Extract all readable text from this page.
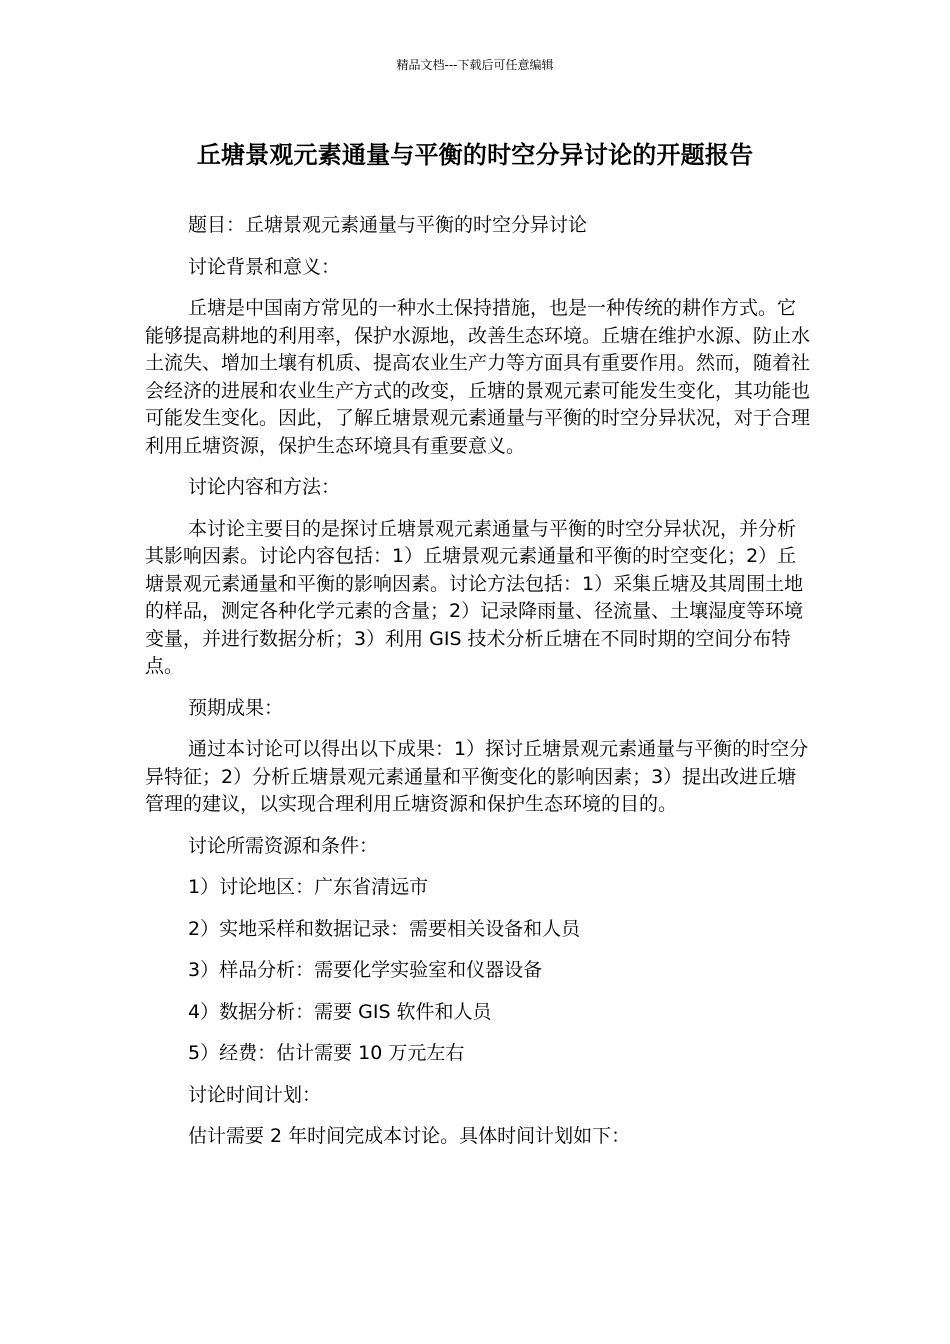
精品文档---下载后可任意编辑
丘塘景观元素通量与平衡的时空分异讨论的开题报告

题目：丘塘景观元素通量与平衡的时空分异讨论

讨论背景和意义：

丘塘是中国南方常见的一种水土保持措施，也是一种传统的耕作方式。它能够提高耕地的利用率，保护水源地，改善生态环境。丘塘在维护水源、防止水土流失、增加土壤有机质、提高农业生产力等方面具有重要作用。然而，随着社会经济的进展和农业生产方式的改变，丘塘的景观元素可能发生变化，其功能也可能发生变化。因此，了解丘塘景观元素通量与平衡的时空分异状况，对于合理利用丘塘资源，保护生态环境具有重要意义。

讨论内容和方法：

本讨论主要目的是探讨丘塘景观元素通量与平衡的时空分异状况，并分析其影响因素。讨论内容包括：1）丘塘景观元素通量和平衡的时空变化；2）丘塘景观元素通量和平衡的影响因素。讨论方法包括：1）采集丘塘及其周围土地的样品，测定各种化学元素的含量；2）记录降雨量、径流量、土壤湿度等环境变量，并进行数据分析；3）利用 GIS 技术分析丘塘在不同时期的空间分布特点。

预期成果：

通过本讨论可以得出以下成果：1）探讨丘塘景观元素通量与平衡的时空分异特征；2）分析丘塘景观元素通量和平衡变化的影响因素；3）提出改进丘塘管理的建议，以实现合理利用丘塘资源和保护生态环境的目的。

讨论所需资源和条件：

1）讨论地区：广东省清远市

2）实地采样和数据记录：需要相关设备和人员

3）样品分析：需要化学实验室和仪器设备

4）数据分析：需要 GIS 软件和人员

5）经费：估计需要 10 万元左右

讨论时间计划：

估计需要 2 年时间完成本讨论。具体时间计划如下：
